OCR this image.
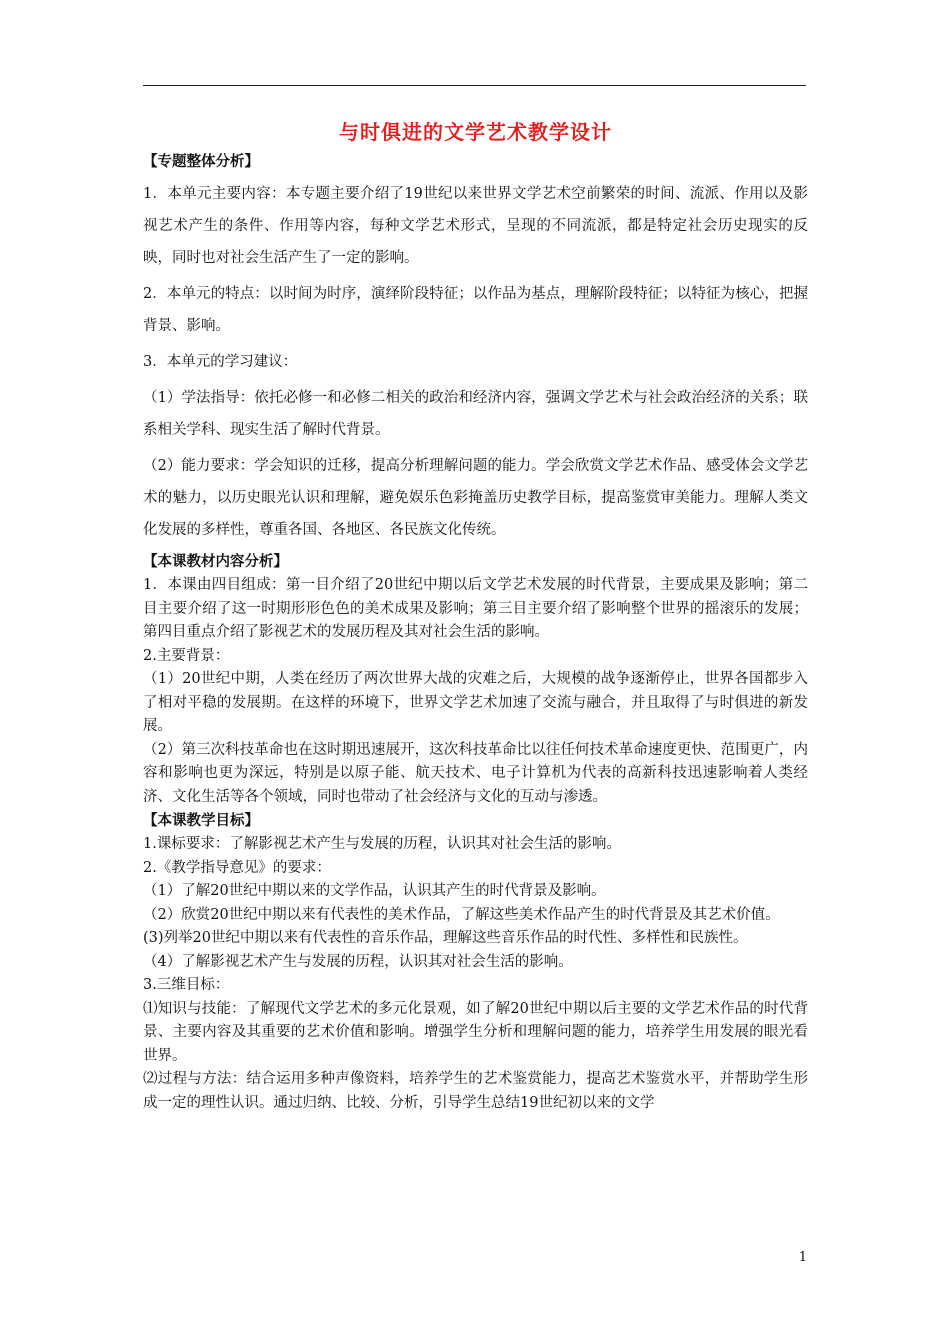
与时俱进的文学艺术教学设计

【专题整体分析】

1．本单元主要内容：本专题主要介绍了19世纪以来世界文学艺术空前繁荣的时间、流派、作用以及影视艺术产生的条件、作用等内容，每种文学艺术形式，呈现的不同流派，都是特定社会历史现实的反映，同时也对社会生活产生了一定的影响。

2．本单元的特点：以时间为时序，演绎阶段特征；以作品为基点，理解阶段特征；以特征为核心，把握背景、影响。

3．本单元的学习建议：

（1）学法指导：依托必修一和必修二相关的政治和经济内容，强调文学艺术与社会政治经济的关系；联系相关学科、现实生活了解时代背景。

（2）能力要求：学会知识的迁移，提高分析理解问题的能力。学会欣赏文学艺术作品、感受体会文学艺术的魅力，以历史眼光认识和理解，避免娱乐色彩掩盖历史教学目标，提高鉴赏审美能力。理解人类文化发展的多样性，尊重各国、各地区、各民族文化传统。

【本课教材内容分析】

1．本课由四目组成：第一目介绍了20世纪中期以后文学艺术发展的时代背景，主要成果及影响；第二目主要介绍了这一时期形形色色的美术成果及影响；第三目主要介绍了影响整个世界的摇滚乐的发展；第四目重点介绍了影视艺术的发展历程及其对社会生活的影响。

2.主要背景：

（1）20世纪中期，人类在经历了两次世界大战的灾难之后，大规模的战争逐渐停止，世界各国都步入了相对平稳的发展期。在这样的环境下，世界文学艺术加速了交流与融合，并且取得了与时俱进的新发展。

（2）第三次科技革命也在这时期迅速展开，这次科技革命比以往任何技术革命速度更快、范围更广，内容和影响也更为深远，特别是以原子能、航天技术、电子计算机为代表的高新科技迅速影响着人类经济、文化生活等各个领域，同时也带动了社会经济与文化的互动与渗透。

【本课教学目标】

1.课标要求：了解影视艺术产生与发展的历程，认识其对社会生活的影响。

2.《教学指导意见》的要求：

（1）了解20世纪中期以来的文学作品，认识其产生的时代背景及影响。

（2）欣赏20世纪中期以来有代表性的美术作品，了解这些美术作品产生的时代背景及其艺术价值。

(3)列举20世纪中期以来有代表性的音乐作品，理解这些音乐作品的时代性、多样性和民族性。

（4）了解影视艺术产生与发展的历程，认识其对社会生活的影响。

3.三维目标：

⑴知识与技能：了解现代文学艺术的多元化景观，如了解20世纪中期以后主要的文学艺术作品的时代背景、主要内容及其重要的艺术价值和影响。增强学生分析和理解问题的能力，培养学生用发展的眼光看世界。

⑵过程与方法：结合运用多种声像资料，培养学生的艺术鉴赏能力，提高艺术鉴赏水平，并帮助学生形成一定的理性认识。通过归纳、比较、分析，引导学生总结19世纪初以来的文学

1
